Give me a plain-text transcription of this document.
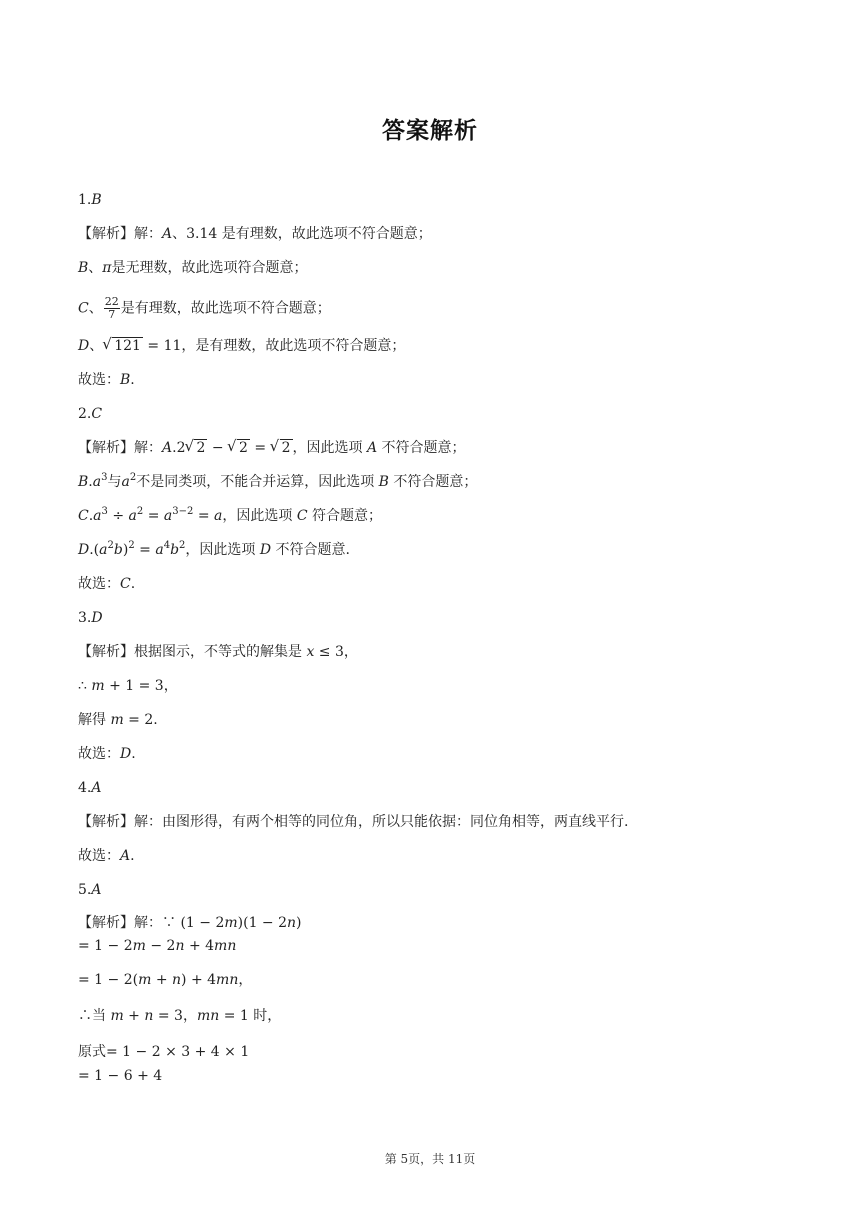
答案解析
1.B
【解析】解：A、3.14 是有理数，故此选项不符合题意；
B、π是无理数，故此选项符合题意；
C、 $\frac{22}{7}$ 是有理数，故此选项不符合题意；
D、 √ 121 = 11，是有理数，故此选项不符合题意；
故选：B.
2.C
【解析】解：A.2 √ 2 − √ 2 = √ 2 ，因此选项 A 不符合题意；
$B.a^3$与$a^2$不是同类项，不能合并运算，因此选项 B 不符合题意；
$C.a^3 \div a^2 = a^{3-2} = a$，因此选项 C 符合题意；
$D.(a^2b)^2 = a^4b^2$，因此选项 D 不符合题意.
故选：C.
3.D
【解析】根据图示，不等式的解集是 x ≤ 3，
∴ m + 1 = 3，
解得 m = 2.
故选：D.
4.A
【解析】解：由图形得，有两个相等的同位角，所以只能依据：同位角相等，两直线平行.
故选：A.
5.A
【解析】解：∵ (1 − 2m)(1 − 2n)
= 1 − 2m − 2n + 4mn
= 1 − 2(m + n) + 4mn，
∴当 m + n = 3，mn = 1 时，
原式= 1 − 2 × 3 + 4 × 1
= 1 − 6 + 4
第 5页，共 11页
